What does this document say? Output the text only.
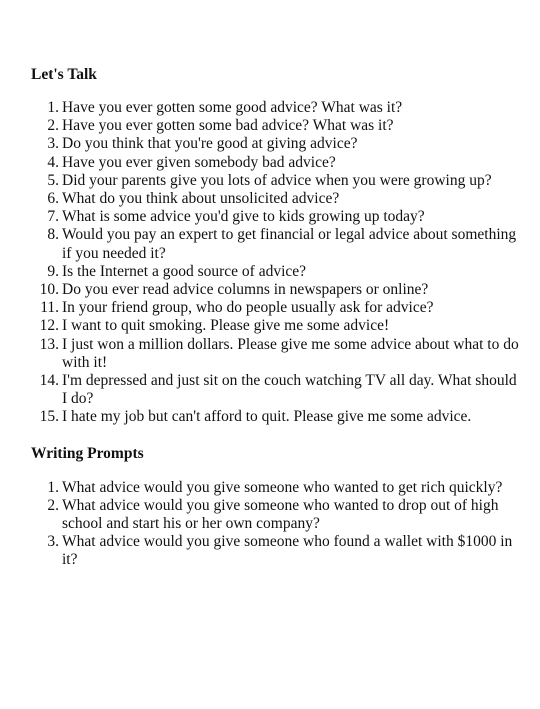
Let's Talk
1. Have you ever gotten some good advice? What was it?
2. Have you ever gotten some bad advice? What was it?
3. Do you think that you're good at giving advice?
4. Have you ever given somebody bad advice?
5. Did your parents give you lots of advice when you were growing up?
6. What do you think about unsolicited advice?
7. What is some advice you'd give to kids growing up today?
8. Would you pay an expert to get financial or legal advice about something if you needed it?
9. Is the Internet a good source of advice?
10. Do you ever read advice columns in newspapers or online?
11. In your friend group, who do people usually ask for advice?
12. I want to quit smoking. Please give me some advice!
13. I just won a million dollars. Please give me some advice about what to do with it!
14. I'm depressed and just sit on the couch watching TV all day. What should I do?
15. I hate my job but can't afford to quit. Please give me some advice.
Writing Prompts
1. What advice would you give someone who wanted to get rich quickly?
2. What advice would you give someone who wanted to drop out of high school and start his or her own company?
3. What advice would you give someone who found a wallet with $1000 in it?
